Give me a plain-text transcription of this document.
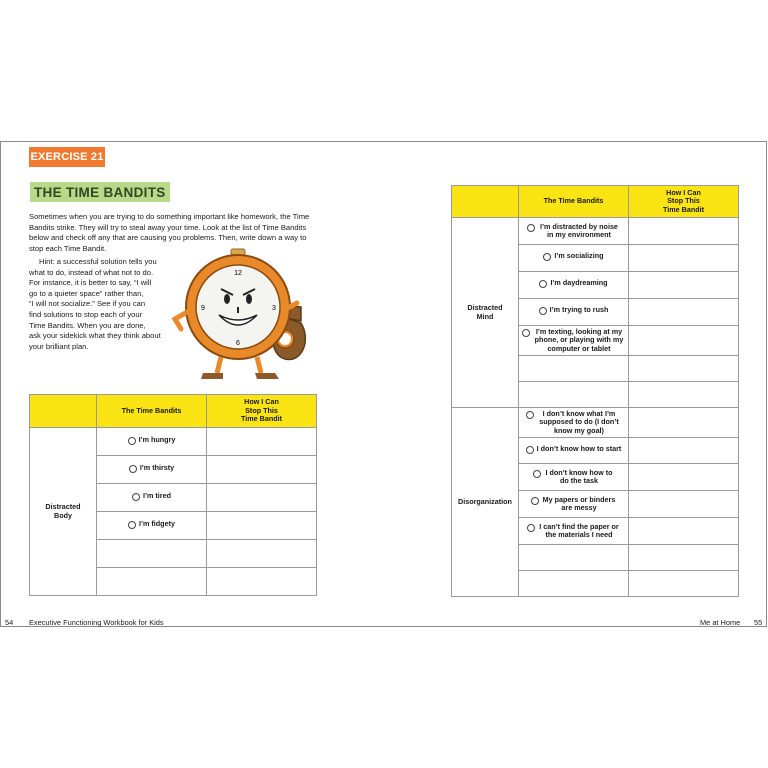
EXERCISE 21
THE TIME BANDITS
Sometimes when you are trying to do something important like homework, the Time Bandits strike. They will try to steal away your time. Look at the list of Time Bandits below and check off any that are causing you problems. Then, write down a way to stop each Time Bandit.

Hint: a successful solution tells you

what to do, instead of what not to do.

For instance, it is better to say, “I will

go to a quieter space” rather than,

“I will not socialize.” See if you can

find solutions to stop each of your

Time Bandits. When you are done,

ask your sidekick what they think about

your brilliant plan.

12
3
6
9
	The Time Bandits	How I Can Stop This Time Bandit
Distracted Body	I’m hungry	

	I’m thirsty	

	I’m tired	

	I’m fidgety	

54 Executive Functioning Workbook for Kids
	The Time Bandits	How I Can Stop This Time Bandit
Distracted Mind	I’m distracted by noise in my environment	

	I’m socializing	

	I’m daydreaming	

	I’m trying to rush	

	I’m texting, looking at my phone, or playing with my computer or tablet	

Disorganization	I don’t know what I’m supposed to do (I don’t know my goal)	

	I don’t know how to start	

	I don’t know how to do the task	

	My papers or binders are messy	

	I can’t find the paper or the materials I need	

Me at Home 55
